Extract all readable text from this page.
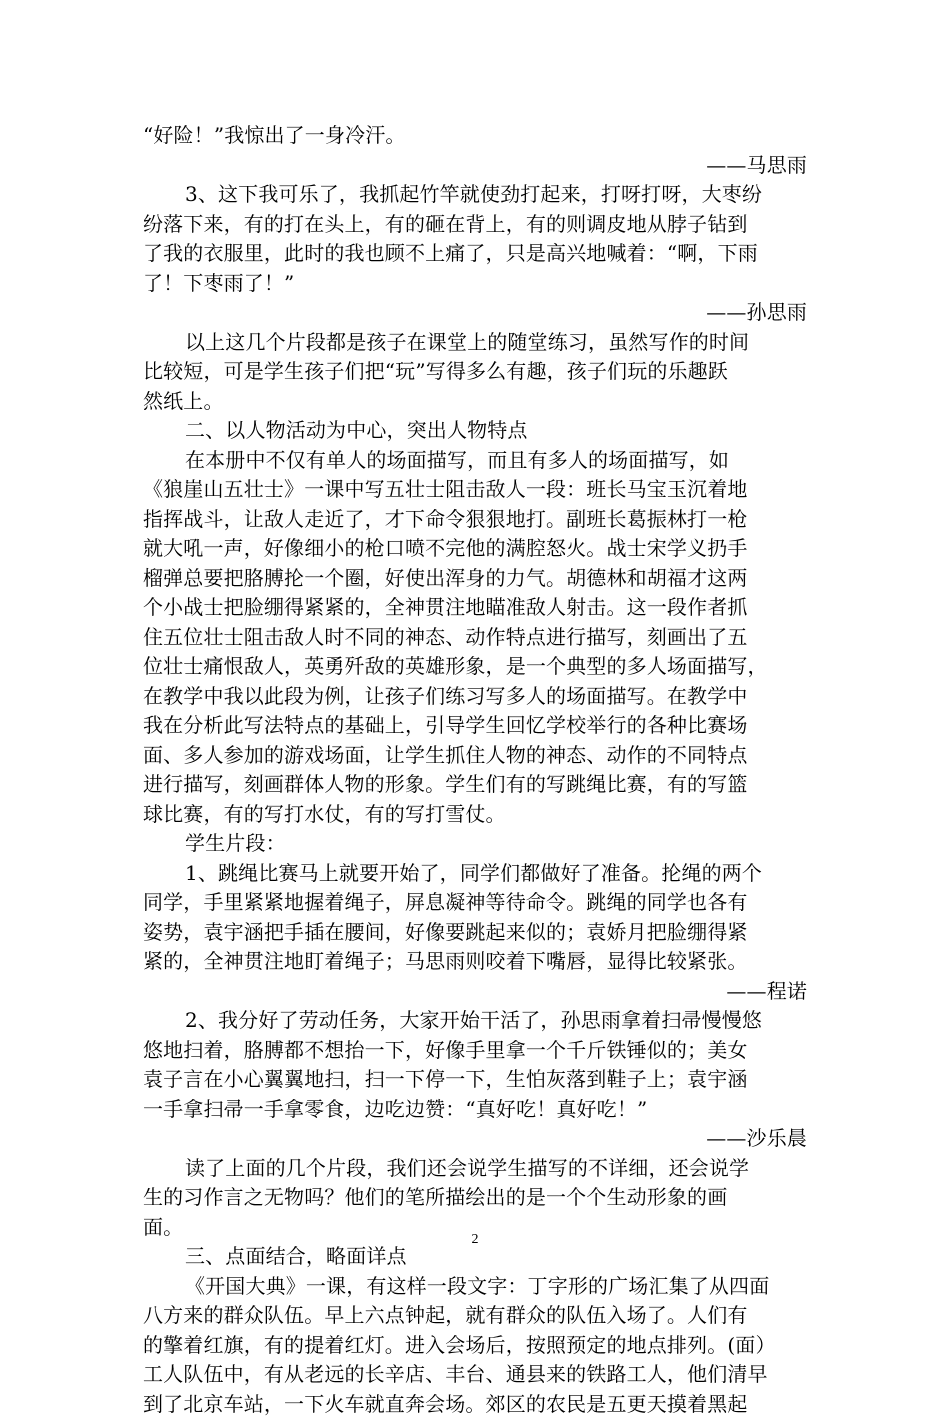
“好险！”我惊出了一身冷汗。
——马思雨
3、这下我可乐了，我抓起竹竿就使劲打起来，打呀打呀，大枣纷
纷落下来，有的打在头上，有的砸在背上，有的则调皮地从脖子钻到
了我的衣服里，此时的我也顾不上痛了，只是高兴地喊着：“啊，下雨
了！下枣雨了！”
——孙思雨
以上这几个片段都是孩子在课堂上的随堂练习，虽然写作的时间
比较短，可是学生孩子们把“玩”写得多么有趣，孩子们玩的乐趣跃
然纸上。
二、以人物活动为中心，突出人物特点
在本册中不仅有单人的场面描写，而且有多人的场面描写，如
《狼崖山五壮士》一课中写五壮士阻击敌人一段：班长马宝玉沉着地
指挥战斗，让敌人走近了，才下命令狠狠地打。副班长葛振林打一枪
就大吼一声，好像细小的枪口喷不完他的满腔怒火。战士宋学义扔手
榴弹总要把胳膊抡一个圈，好使出浑身的力气。胡德林和胡福才这两
个小战士把脸绷得紧紧的，全神贯注地瞄准敌人射击。这一段作者抓
住五位壮士阻击敌人时不同的神态、动作特点进行描写，刻画出了五
位壮士痛恨敌人，英勇歼敌的英雄形象，是一个典型的多人场面描写，
在教学中我以此段为例，让孩子们练习写多人的场面描写。在教学中
我在分析此写法特点的基础上，引导学生回忆学校举行的各种比赛场
面、多人参加的游戏场面，让学生抓住人物的神态、动作的不同特点
进行描写，刻画群体人物的形象。学生们有的写跳绳比赛，有的写篮
球比赛，有的写打水仗，有的写打雪仗。
学生片段：
1、跳绳比赛马上就要开始了，同学们都做好了准备。抡绳的两个
同学，手里紧紧地握着绳子，屏息凝神等待命令。跳绳的同学也各有
姿势，袁宇涵把手插在腰间，好像要跳起来似的；袁娇月把脸绷得紧
紧的，全神贯注地盯着绳子；马思雨则咬着下嘴唇，显得比较紧张。
——程诺
2、我分好了劳动任务，大家开始干活了，孙思雨拿着扫帚慢慢悠
悠地扫着，胳膊都不想抬一下，好像手里拿一个千斤铁锤似的；美女
袁子言在小心翼翼地扫，扫一下停一下，生怕灰落到鞋子上；袁宇涵
一手拿扫帚一手拿零食，边吃边赞：“真好吃！真好吃！”
——沙乐晨
读了上面的几个片段，我们还会说学生描写的不详细，还会说学
生的习作言之无物吗？他们的笔所描绘出的是一个个生动形象的画
面。
三、点面结合，略面详点
《开国大典》一课，有这样一段文字：丁字形的广场汇集了从四面
八方来的群众队伍。早上六点钟起，就有群众的队伍入场了。人们有
的擎着红旗，有的提着红灯。进入会场后，按照预定的地点排列。(面）
工人队伍中，有从老远的长辛店、丰台、通县来的铁路工人，他们清早
到了北京车站，一下火车就直奔会场。郊区的农民是五更天摸着黑起
2
